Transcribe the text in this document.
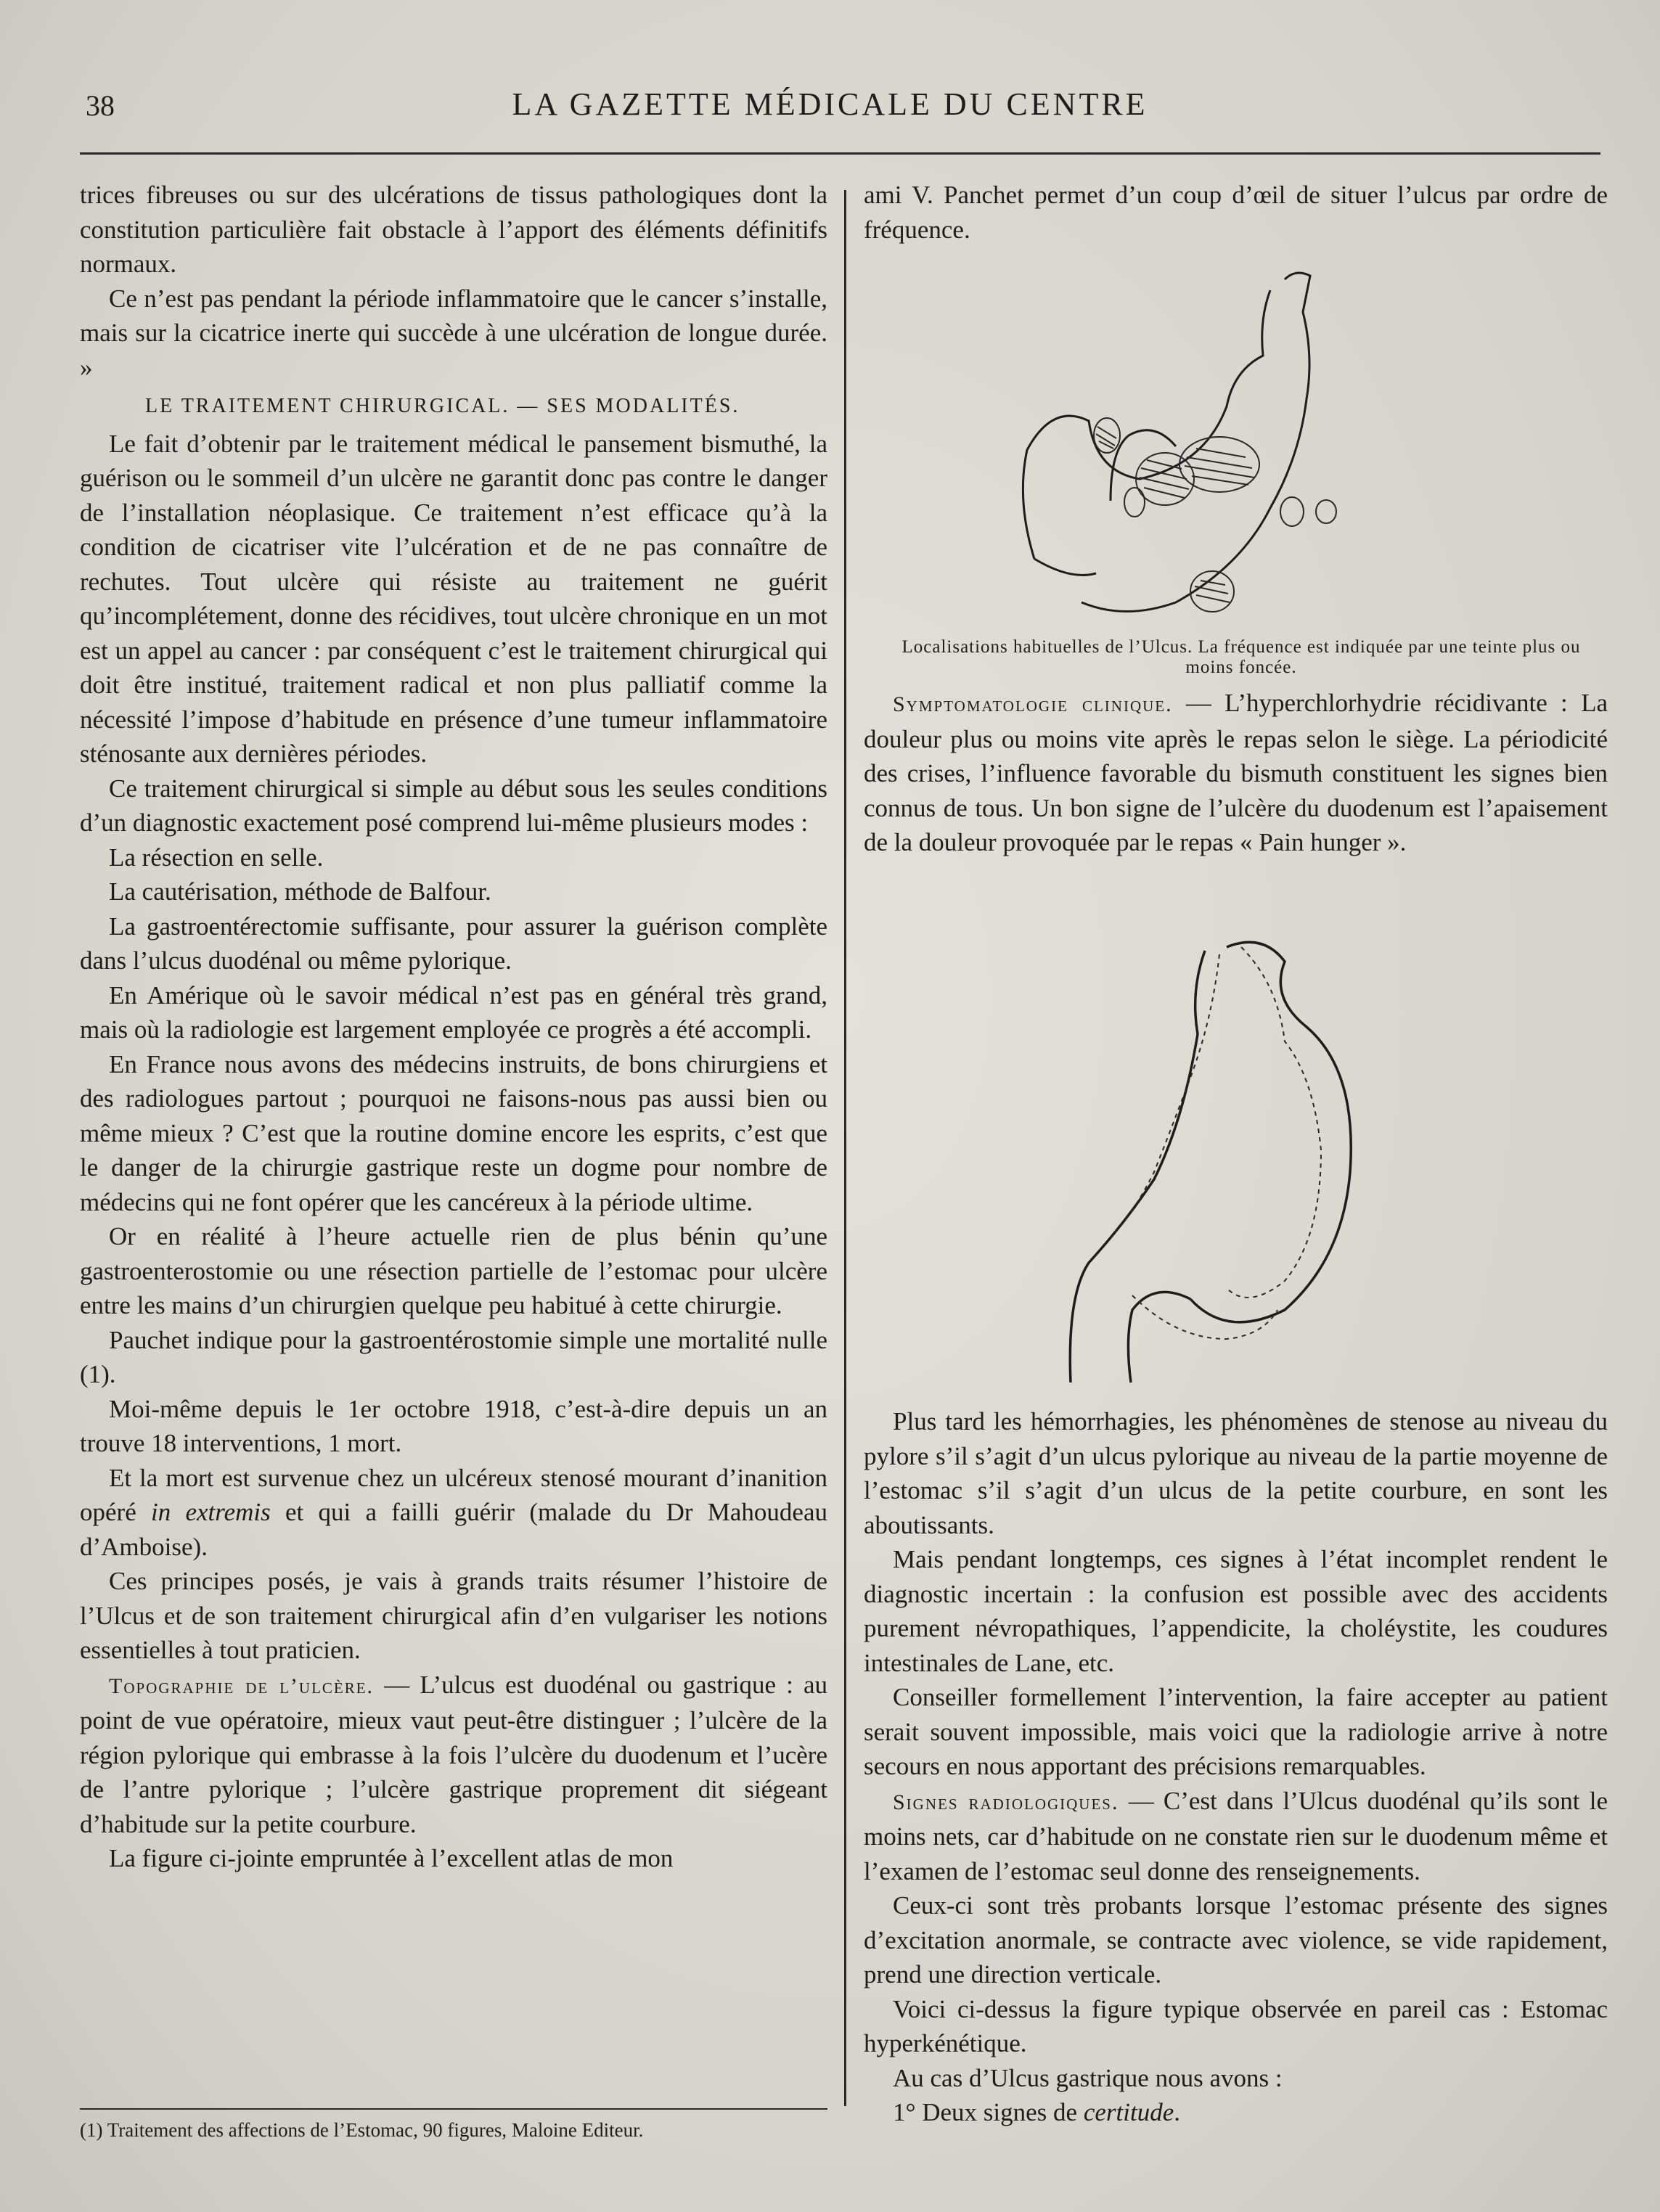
38	LA GAZETTE MÉDICALE DU CENTRE

trices fibreuses ou sur des ulcérations de tissus pathologiques dont la constitution particulière fait obstacle à l’apport des éléments définitifs normaux.

Ce n’est pas pendant la période inflammatoire que le cancer s’installe, mais sur la cicatrice inerte qui succède à une ulcération de longue durée. »

LE TRAITEMENT CHIRURGICAL. — SES MODALITÉS.

Le fait d’obtenir par le traitement médical le pansement bismuthé, la guérison ou le sommeil d’un ulcère ne garantit donc pas contre le danger de l’installation néoplasique. Ce traitement n’est efficace qu’à la condition de cicatriser vite l’ulcération et de ne pas connaître de rechutes. Tout ulcère qui résiste au traitement ne guérit qu’incomplétement, donne des récidives, tout ulcère chronique en un mot est un appel au cancer : par conséquent c’est le traitement chirurgical qui doit être institué, traitement radical et non plus palliatif comme la nécessité l’impose d’habitude en présence d’une tumeur inflammatoire sténosante aux dernières périodes.

Ce traitement chirurgical si simple au début sous les seules conditions d’un diagnostic exactement posé comprend lui-même plusieurs modes :

La résection en selle.

La cautérisation, méthode de Balfour.

La gastroentérectomie suffisante, pour assurer la guérison complète dans l’ulcus duodénal ou même pylorique.

En Amérique où le savoir médical n’est pas en général très grand, mais où la radiologie est largement employée ce progrès a été accompli.

En France nous avons des médecins instruits, de bons chirurgiens et des radiologues partout ; pourquoi ne faisons-nous pas aussi bien ou même mieux ? C’est que la routine domine encore les esprits, c’est que le danger de la chirurgie gastrique reste un dogme pour nombre de médecins qui ne font opérer que les cancéreux à la période ultime.

Or en réalité à l’heure actuelle rien de plus bénin qu’une gastroenterostomie ou une résection partielle de l’estomac pour ulcère entre les mains d’un chirurgien quelque peu habitué à cette chirurgie.

Pauchet indique pour la gastroentérostomie simple une mortalité nulle (1).

Moi-même depuis le 1er octobre 1918, c’est-à-dire depuis un an trouve 18 interventions, 1 mort.

Et la mort est survenue chez un ulcéreux stenosé mourant d’inanition opéré in extremis et qui a failli guérir (malade du Dr Mahoudeau d’Amboise).

Ces principes posés, je vais à grands traits résumer l’histoire de l’Ulcus et de son traitement chirurgical afin d’en vulgariser les notions essentielles à tout praticien.

Topographie de l’ulcère. — L’ulcus est duodénal ou gastrique : au point de vue opératoire, mieux vaut peut-être distinguer ; l’ulcère de la région pylorique qui embrasse à la fois l’ulcère du duodenum et l’ucère de l’antre pylorique ; l’ulcère gastrique proprement dit siégeant d’habitude sur la petite courbure.

La figure ci-jointe empruntée à l’excellent atlas de mon

(1) Traitement des affections de l’Estomac, 90 figures, Maloine Editeur.

ami V. Panchet permet d’un coup d’œil de situer l’ulcus par ordre de fréquence.

Localisations habituelles de l’Ulcus. La fréquence est indiquée par une teinte plus ou moins foncée.

Symptomatologie clinique. — L’hyperchlorhydrie récidivante : La douleur plus ou moins vite après le repas selon le siège. La périodicité des crises, l’influence favorable du bismuth constituent les signes bien connus de tous. Un bon signe de l’ulcère du duodenum est l’apaisement de la douleur provoquée par le repas « Pain hunger ».

Plus tard les hémorrhagies, les phénomènes de stenose au niveau du pylore s’il s’agit d’un ulcus pylorique au niveau de la partie moyenne de l’estomac s’il s’agit d’un ulcus de la petite courbure, en sont les aboutissants.

Mais pendant longtemps, ces signes à l’état incomplet rendent le diagnostic incertain : la confusion est possible avec des accidents purement névropathiques, l’appendicite, la choléystite, les coudures intestinales de Lane, etc.

Conseiller formellement l’intervention, la faire accepter au patient serait souvent impossible, mais voici que la radiologie arrive à notre secours en nous apportant des précisions remarquables.

Signes radiologiques. — C’est dans l’Ulcus duodénal qu’ils sont le moins nets, car d’habitude on ne constate rien sur le duodenum même et l’examen de l’estomac seul donne des renseignements.

Ceux-ci sont très probants lorsque l’estomac présente des signes d’excitation anormale, se contracte avec violence, se vide rapidement, prend une direction verticale.

Voici ci-dessus la figure typique observée en pareil cas : Estomac hyperkénétique.

Au cas d’Ulcus gastrique nous avons :

1° Deux signes de certitude.
